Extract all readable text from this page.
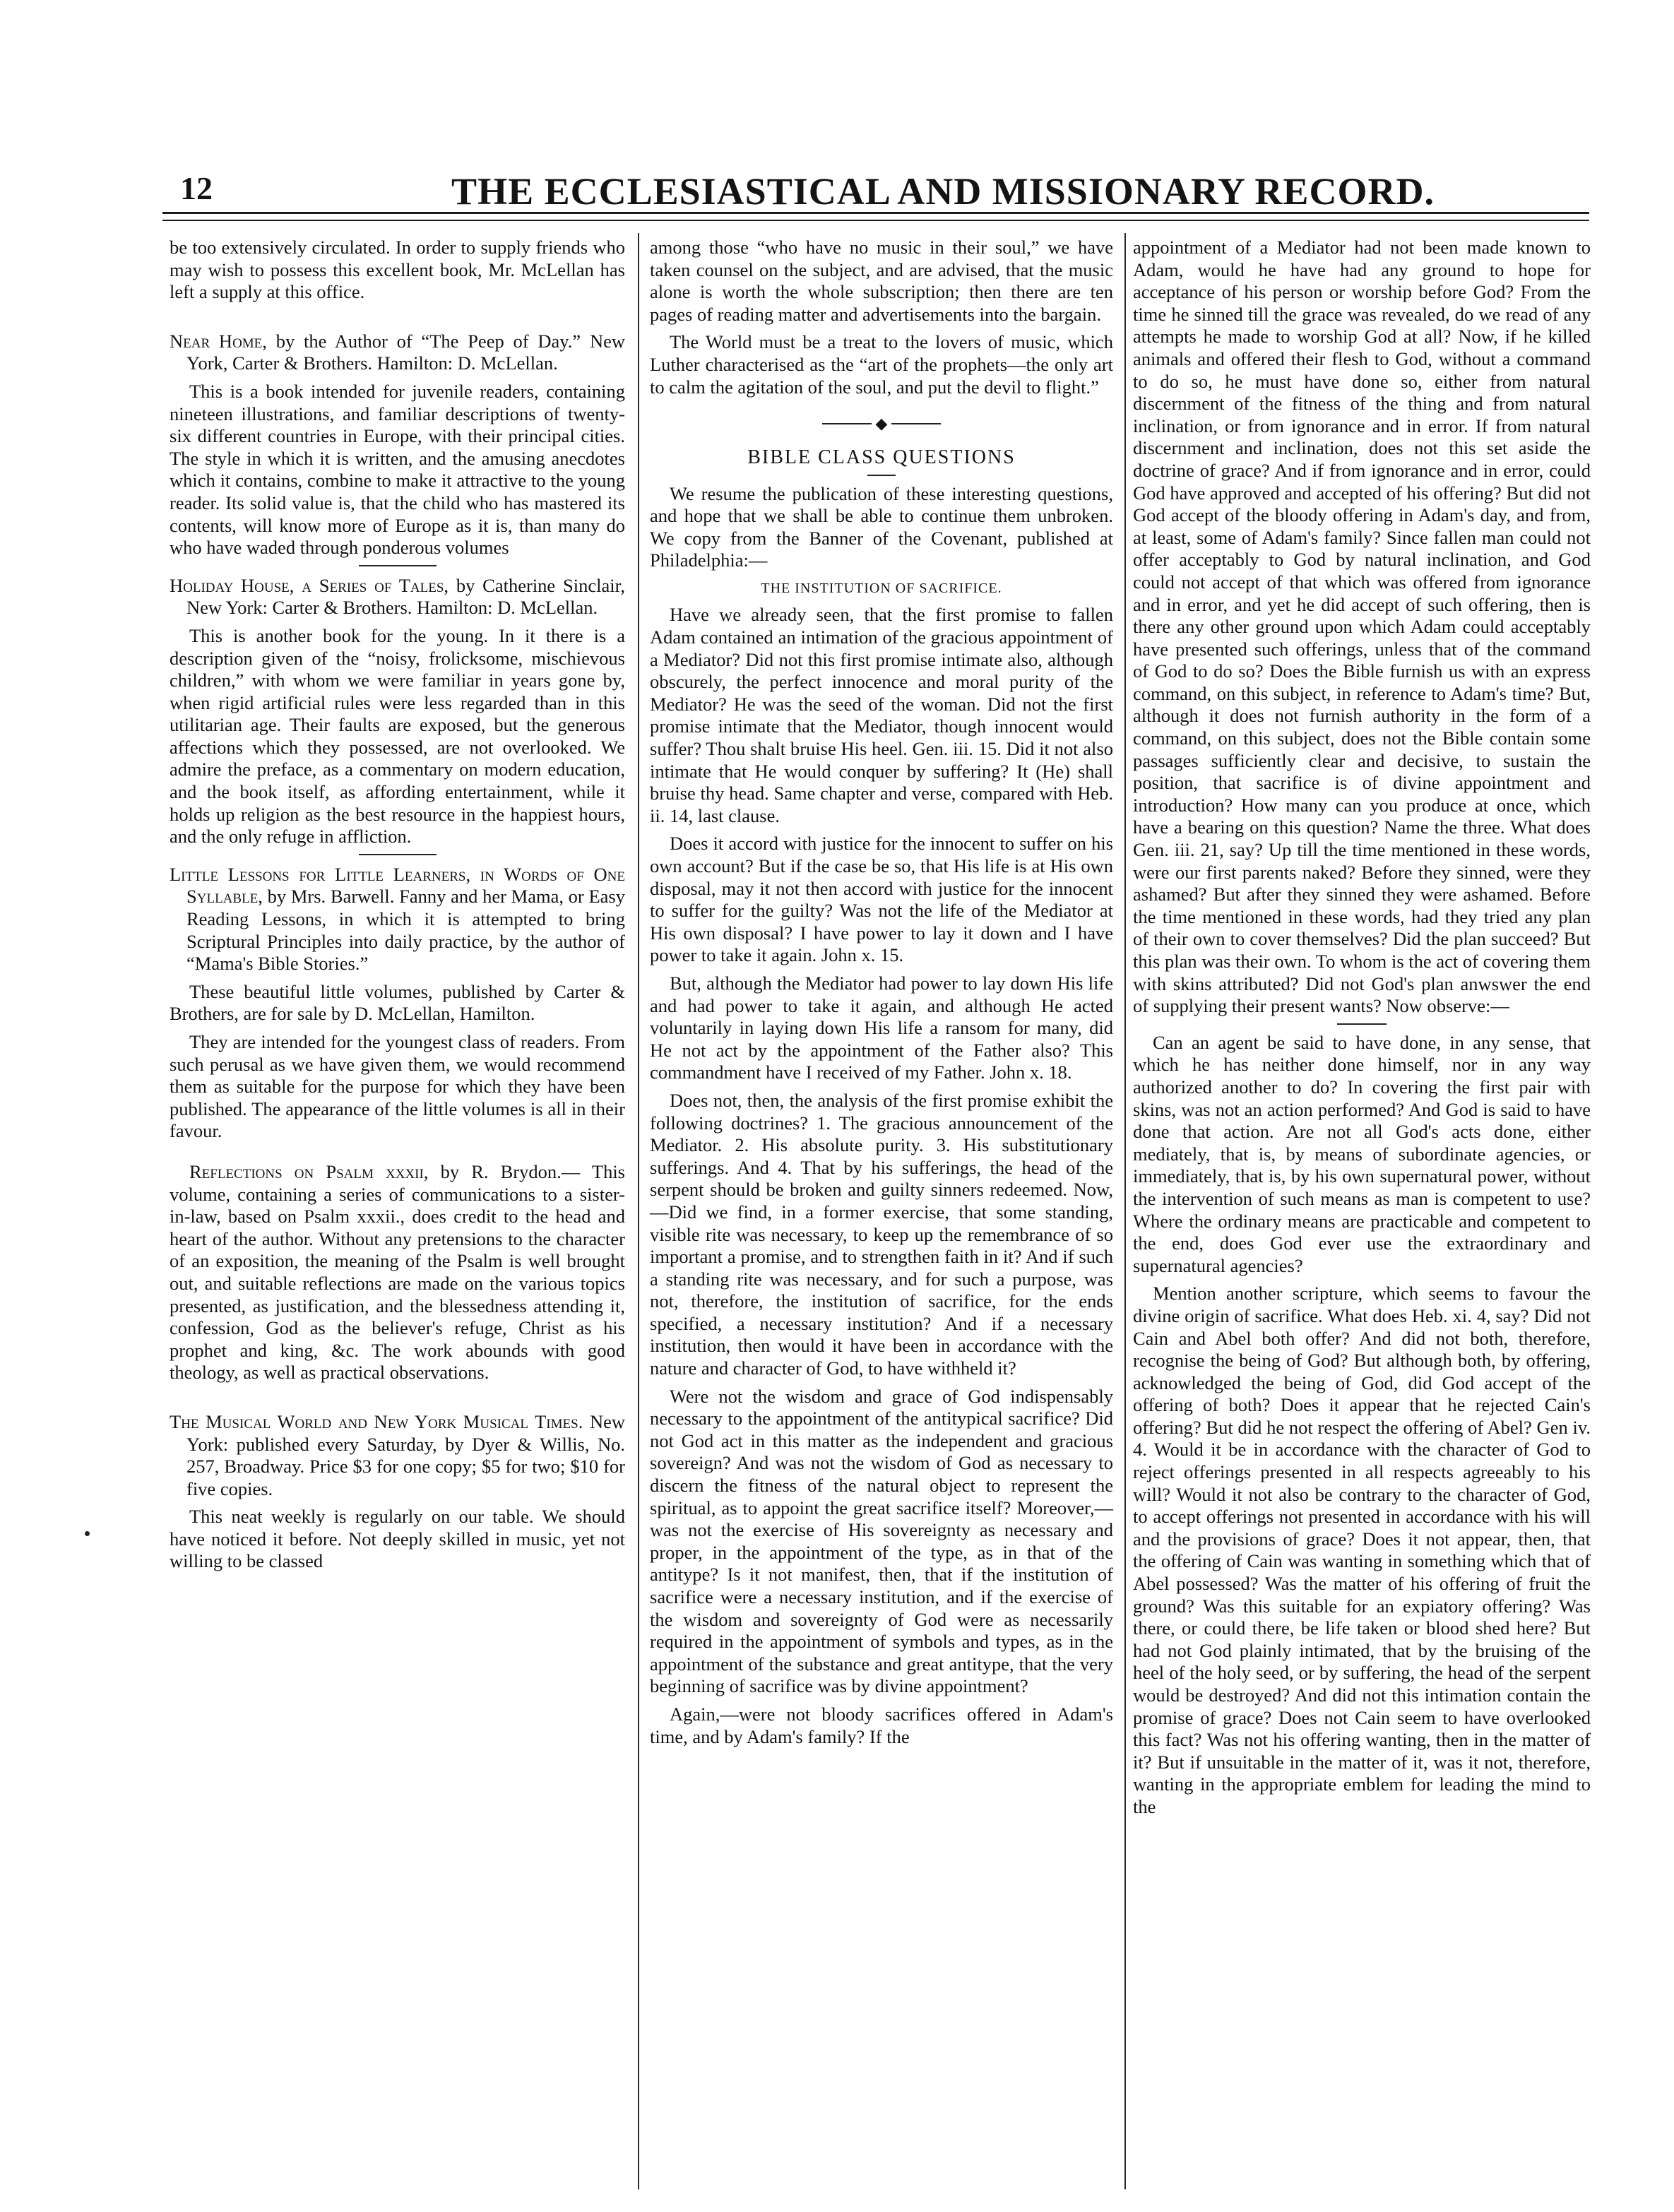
12	THE ECCLESIASTICAL AND MISSIONARY RECORD.

be too extensively circulated. In order to supply friends who may wish to possess this excellent book, Mr. McLellan has left a supply at this office.

Near Home, by the Author of “The Peep of Day.” New York, Carter & Brothers. Hamilton: D. McLellan.

This is a book intended for juvenile readers, containing nineteen illustrations, and familiar descriptions of twenty-six different countries in Europe, with their principal cities. The style in which it is written, and the amusing anecdotes which it contains, combine to make it attractive to the young reader. Its solid value is, that the child who has mastered its contents, will know more of Europe as it is, than many do who have waded through ponderous volumes

Holiday House, a Series of Tales, by Catherine Sinclair, New York: Carter & Brothers. Hamilton: D. McLellan.

This is another book for the young. In it there is a description given of the “noisy, frolicksome, mischievous children,” with whom we were familiar in years gone by, when rigid artificial rules were less regarded than in this utilitarian age. Their faults are exposed, but the generous affections which they possessed, are not overlooked. We admire the preface, as a commentary on modern education, and the book itself, as affording entertainment, while it holds up religion as the best resource in the happiest hours, and the only refuge in affliction.

Little Lessons for Little Learners, in Words of One Syllable, by Mrs. Barwell. Fanny and her Mama, or Easy Reading Lessons, in which it is attempted to bring Scriptural Principles into daily practice, by the author of “Mama's Bible Stories.”

These beautiful little volumes, published by Carter & Brothers, are for sale by D. McLellan, Hamilton.

They are intended for the youngest class of readers. From such perusal as we have given them, we would recommend them as suitable for the purpose for which they have been published. The appearance of the little volumes is all in their favour.

Reflections on Psalm xxxii, by R. Brydon.— This volume, containing a series of communications to a sister-in-law, based on Psalm xxxii., does credit to the head and heart of the author. Without any pretensions to the character of an exposition, the meaning of the Psalm is well brought out, and suitable reflections are made on the various topics presented, as justification, and the blessedness attending it, confession, God as the believer's refuge, Christ as his prophet and king, &c. The work abounds with good theology, as well as practical observations.

The Musical World and New York Musical Times. New York: published every Saturday, by Dyer & Willis, No. 257, Broadway. Price $3 for one copy; $5 for two; $10 for five copies.

This neat weekly is regularly on our table. We should have noticed it before. Not deeply skilled in music, yet not willing to be classed

among those “who have no music in their soul,” we have taken counsel on the subject, and are advised, that the music alone is worth the whole subscription; then there are ten pages of reading matter and advertisements into the bargain.

The World must be a treat to the lovers of music, which Luther characterised as the “art of the prophets—the only art to calm the agitation of the soul, and put the devil to flight.”

◆
BIBLE CLASS QUESTIONS

We resume the publication of these interesting questions, and hope that we shall be able to continue them unbroken. We copy from the Banner of the Covenant, published at Philadelphia:—

THE INSTITUTION OF SACRIFICE.

Have we already seen, that the first promise to fallen Adam contained an intimation of the gracious appointment of a Mediator? Did not this first promise intimate also, although obscurely, the perfect innocence and moral purity of the Mediator? He was the seed of the woman. Did not the first promise intimate that the Mediator, though innocent would suffer? Thou shalt bruise His heel. Gen. iii. 15. Did it not also intimate that He would conquer by suffering? It (He) shall bruise thy head. Same chapter and verse, compared with Heb. ii. 14, last clause.

Does it accord with justice for the innocent to suffer on his own account? But if the case be so, that His life is at His own disposal, may it not then accord with justice for the innocent to suffer for the guilty? Was not the life of the Mediator at His own disposal? I have power to lay it down and I have power to take it again. John x. 15.

But, although the Mediator had power to lay down His life and had power to take it again, and although He acted voluntarily in laying down His life a ransom for many, did He not act by the appointment of the Father also? This commandment have I received of my Father. John x. 18.

Does not, then, the analysis of the first promise exhibit the following doctrines? 1. The gracious announcement of the Mediator. 2. His absolute purity. 3. His substitutionary sufferings. And 4. That by his sufferings, the head of the serpent should be broken and guilty sinners redeemed. Now,—Did we find, in a former exercise, that some standing, visible rite was necessary, to keep up the remembrance of so important a promise, and to strengthen faith in it? And if such a standing rite was necessary, and for such a purpose, was not, therefore, the institution of sacrifice, for the ends specified, a necessary institution? And if a necessary institution, then would it have been in accordance with the nature and character of God, to have withheld it?

Were not the wisdom and grace of God indispensably necessary to the appointment of the antitypical sacrifice? Did not God act in this matter as the independent and gracious sovereign? And was not the wisdom of God as necessary to discern the fitness of the natural object to represent the spiritual, as to appoint the great sacrifice itself? Moreover,—was not the exercise of His sovereignty as necessary and proper, in the appointment of the type, as in that of the antitype? Is it not manifest, then, that if the institution of sacrifice were a necessary institution, and if the exercise of the wisdom and sovereignty of God were as necessarily required in the appointment of symbols and types, as in the appointment of the substance and great antitype, that the very beginning of sacrifice was by divine appointment?

Again,—were not bloody sacrifices offered in Adam's time, and by Adam's family? If the

appointment of a Mediator had not been made known to Adam, would he have had any ground to hope for acceptance of his person or worship before God? From the time he sinned till the grace was revealed, do we read of any attempts he made to worship God at all? Now, if he killed animals and offered their flesh to God, without a command to do so, he must have done so, either from natural discernment of the fitness of the thing and from natural inclination, or from ignorance and in error. If from natural discernment and inclination, does not this set aside the doctrine of grace? And if from ignorance and in error, could God have approved and accepted of his offering? But did not God accept of the bloody offering in Adam's day, and from, at least, some of Adam's family? Since fallen man could not offer acceptably to God by natural inclination, and God could not accept of that which was offered from ignorance and in error, and yet he did accept of such offering, then is there any other ground upon which Adam could acceptably have presented such offerings, unless that of the command of God to do so? Does the Bible furnish us with an express command, on this subject, in reference to Adam's time? But, although it does not furnish authority in the form of a command, on this subject, does not the Bible contain some passages sufficiently clear and decisive, to sustain the position, that sacrifice is of divine appointment and introduction? How many can you produce at once, which have a bearing on this question? Name the three. What does Gen. iii. 21, say? Up till the time mentioned in these words, were our first parents naked? Before they sinned, were they ashamed? But after they sinned they were ashamed. Before the time mentioned in these words, had they tried any plan of their own to cover themselves? Did the plan succeed? But this plan was their own. To whom is the act of covering them with skins attributed? Did not God's plan anwswer the end of supplying their present wants? Now observe:—

Can an agent be said to have done, in any sense, that which he has neither done himself, nor in any way authorized another to do? In covering the first pair with skins, was not an action performed? And God is said to have done that action. Are not all God's acts done, either mediately, that is, by means of subordinate agencies, or immediately, that is, by his own supernatural power, without the intervention of such means as man is competent to use? Where the ordinary means are practicable and competent to the end, does God ever use the extraordinary and supernatural agencies?

Mention another scripture, which seems to favour the divine origin of sacrifice. What does Heb. xi. 4, say? Did not Cain and Abel both offer? And did not both, therefore, recognise the being of God? But although both, by offering, acknowledged the being of God, did God accept of the offering of both? Does it appear that he rejected Cain's offering? But did he not respect the offering of Abel? Gen iv. 4. Would it be in accordance with the character of God to reject offerings presented in all respects agreeably to his will? Would it not also be contrary to the character of God, to accept offerings not presented in accordance with his will and the provisions of grace? Does it not appear, then, that the offering of Cain was wanting in something which that of Abel possessed? Was the matter of his offering of fruit the ground? Was this suitable for an expiatory offering? Was there, or could there, be life taken or blood shed here? But had not God plainly intimated, that by the bruising of the heel of the holy seed, or by suffering, the head of the serpent would be destroyed? And did not this intimation contain the promise of grace? Does not Cain seem to have overlooked this fact? Was not his offering wanting, then in the matter of it? But if unsuitable in the matter of it, was it not, therefore, wanting in the appropriate emblem for leading the mind to the
